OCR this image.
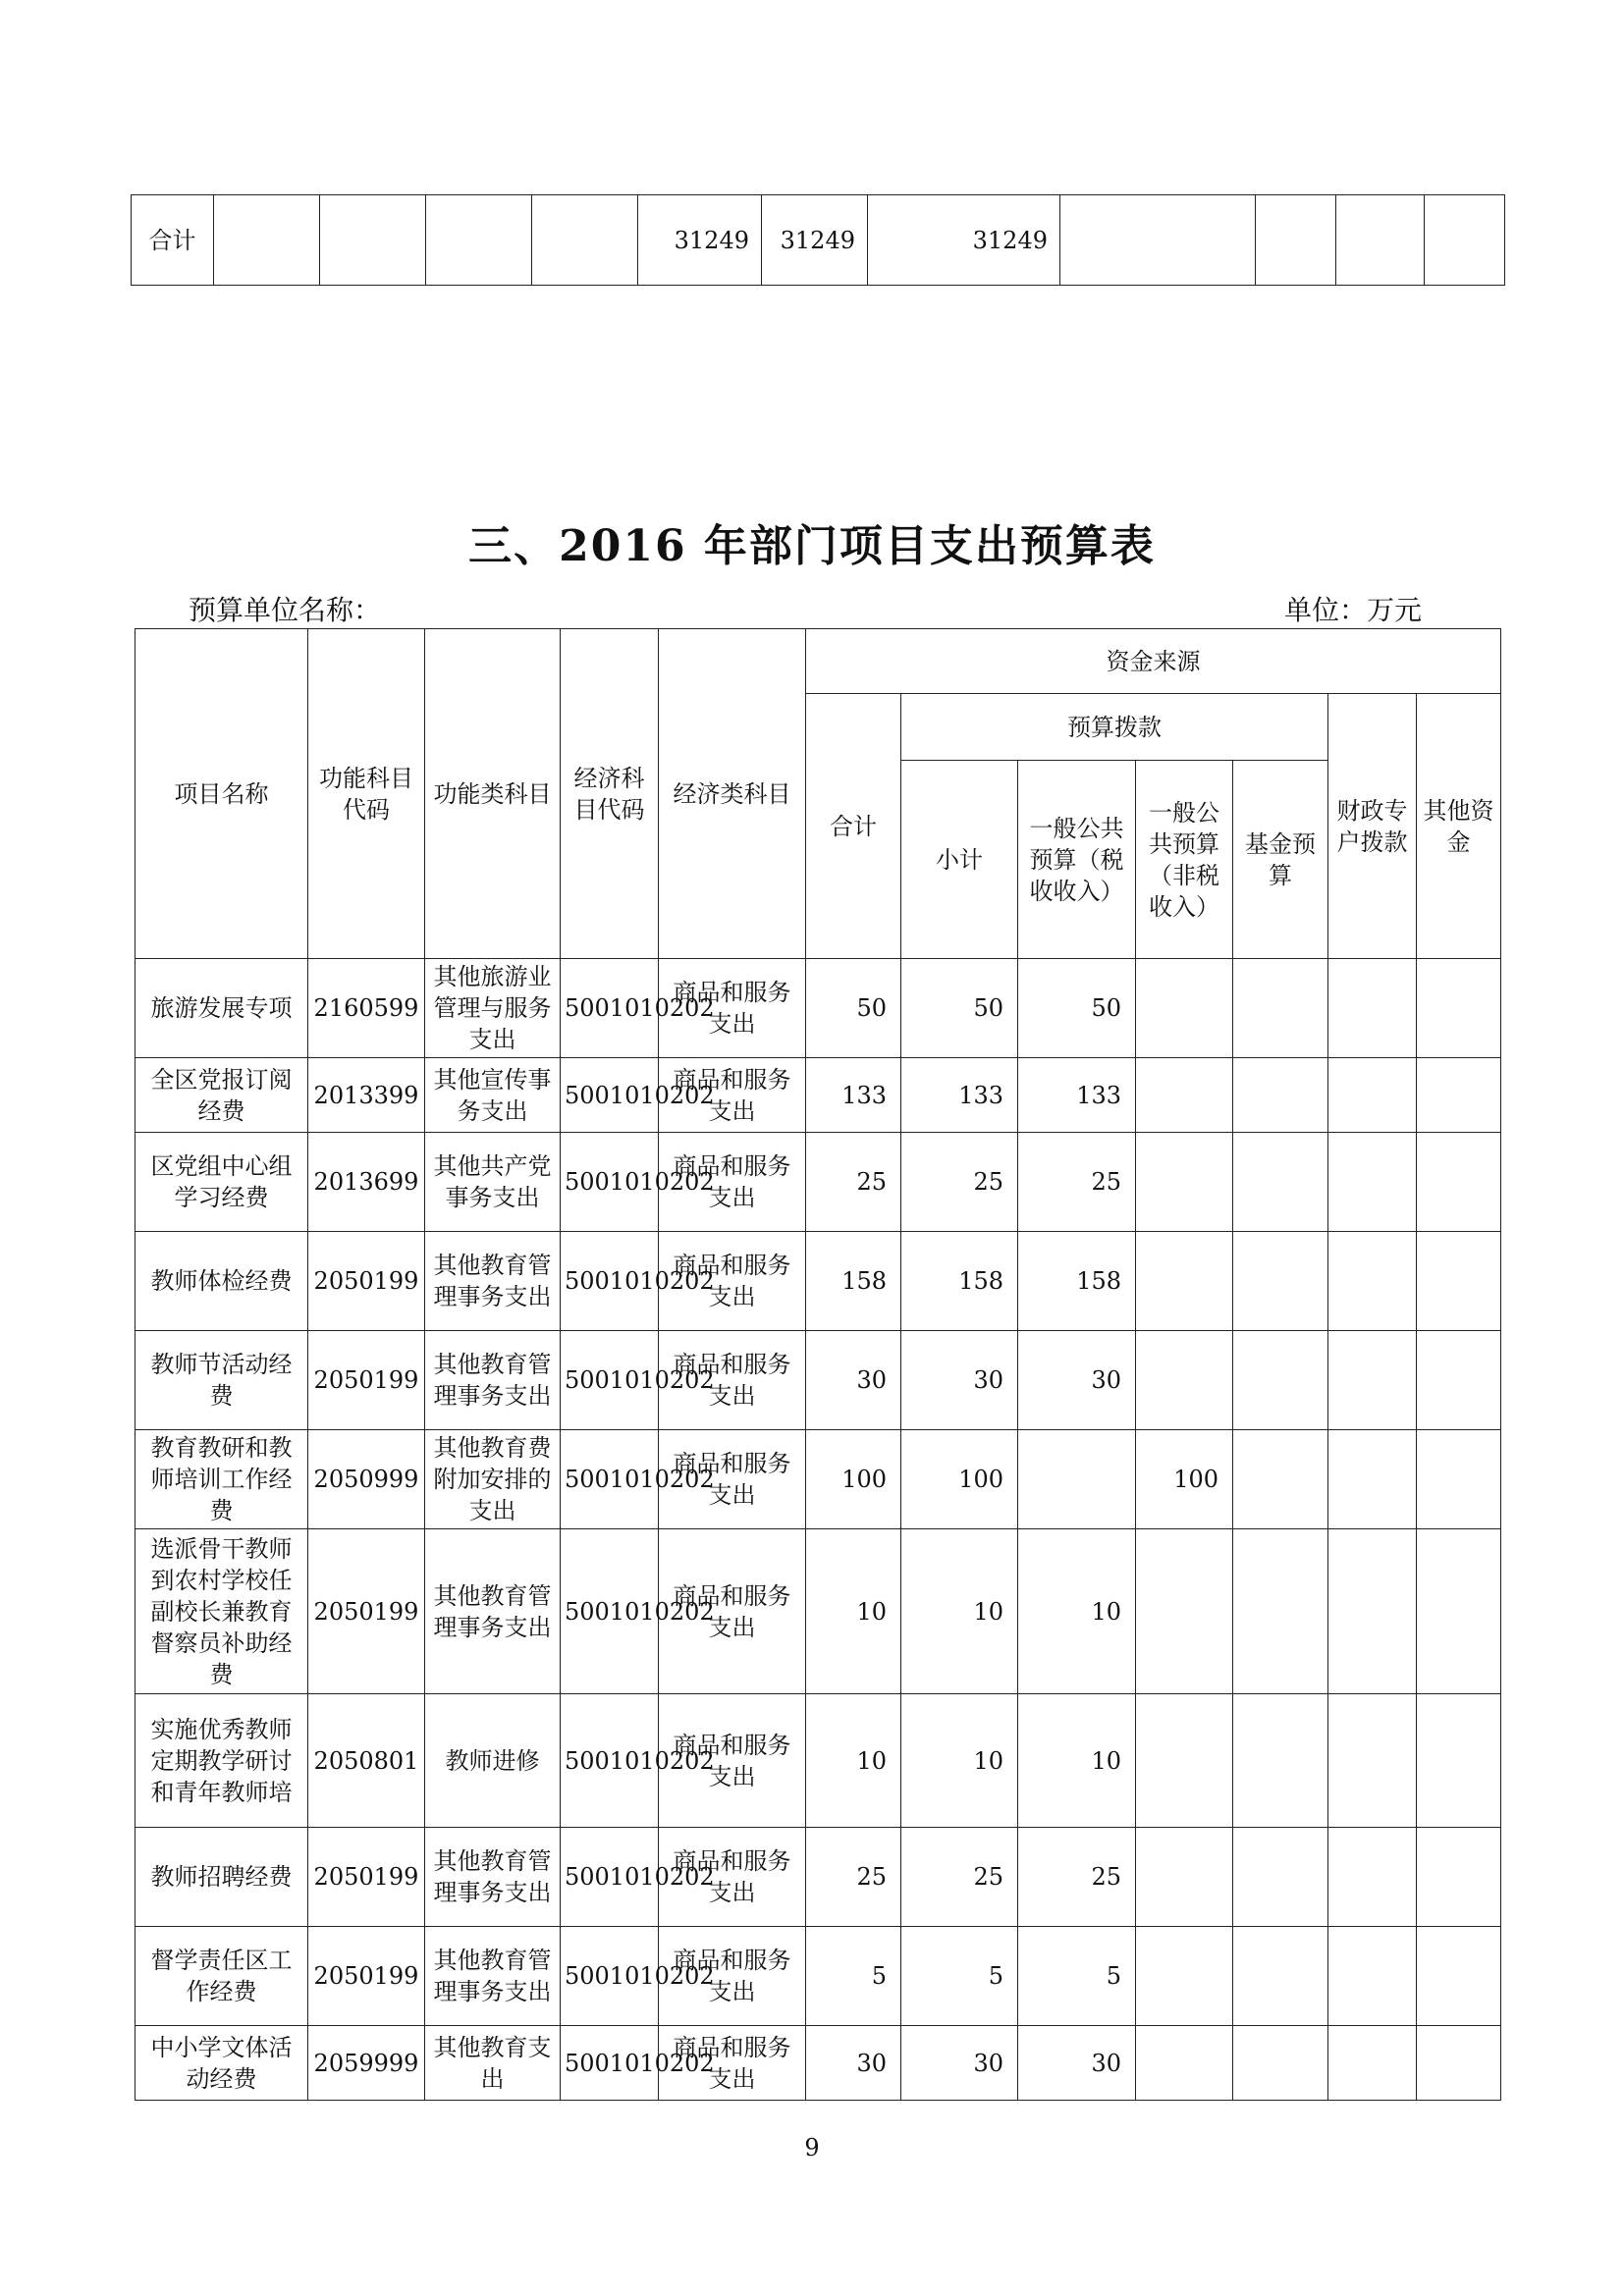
合计					31249	31249	31249				
三、2016 年部门项目支出预算表
预算单位名称：	单位：万元
项目名称	功能科目代码	功能类科目	经济科目代码	经济类科目	资金来源						
					合计	预算拨款				财政专户拨款	其他资金
						小计	一般公共预算（税收收入）	一般公共预算（非税收入）	基金预算		
旅游发展专项	2160599	其他旅游业管理与服务支出	5001010202	商品和服务支出	50	50	50				
全区党报订阅经费	2013399	其他宣传事务支出	5001010202	商品和服务支出	133	133	133				
区党组中心组学习经费	2013699	其他共产党事务支出	5001010202	商品和服务支出	25	25	25				
教师体检经费	2050199	其他教育管理事务支出	5001010202	商品和服务支出	158	158	158				
教师节活动经费	2050199	其他教育管理事务支出	5001010202	商品和服务支出	30	30	30				
教育教研和教师培训工作经费	2050999	其他教育费附加安排的支出	5001010202	商品和服务支出	100	100		100			
选派骨干教师到农村学校任副校长兼教育督察员补助经费	2050199	其他教育管理事务支出	5001010202	商品和服务支出	10	10	10				
实施优秀教师定期教学研讨和青年教师培	2050801	教师进修	5001010202	商品和服务支出	10	10	10				
教师招聘经费	2050199	其他教育管理事务支出	5001010202	商品和服务支出	25	25	25				
督学责任区工作经费	2050199	其他教育管理事务支出	5001010202	商品和服务支出	5	5	5				
中小学文体活动经费	2059999	其他教育支出	5001010202	商品和服务支出	30	30	30				
9
